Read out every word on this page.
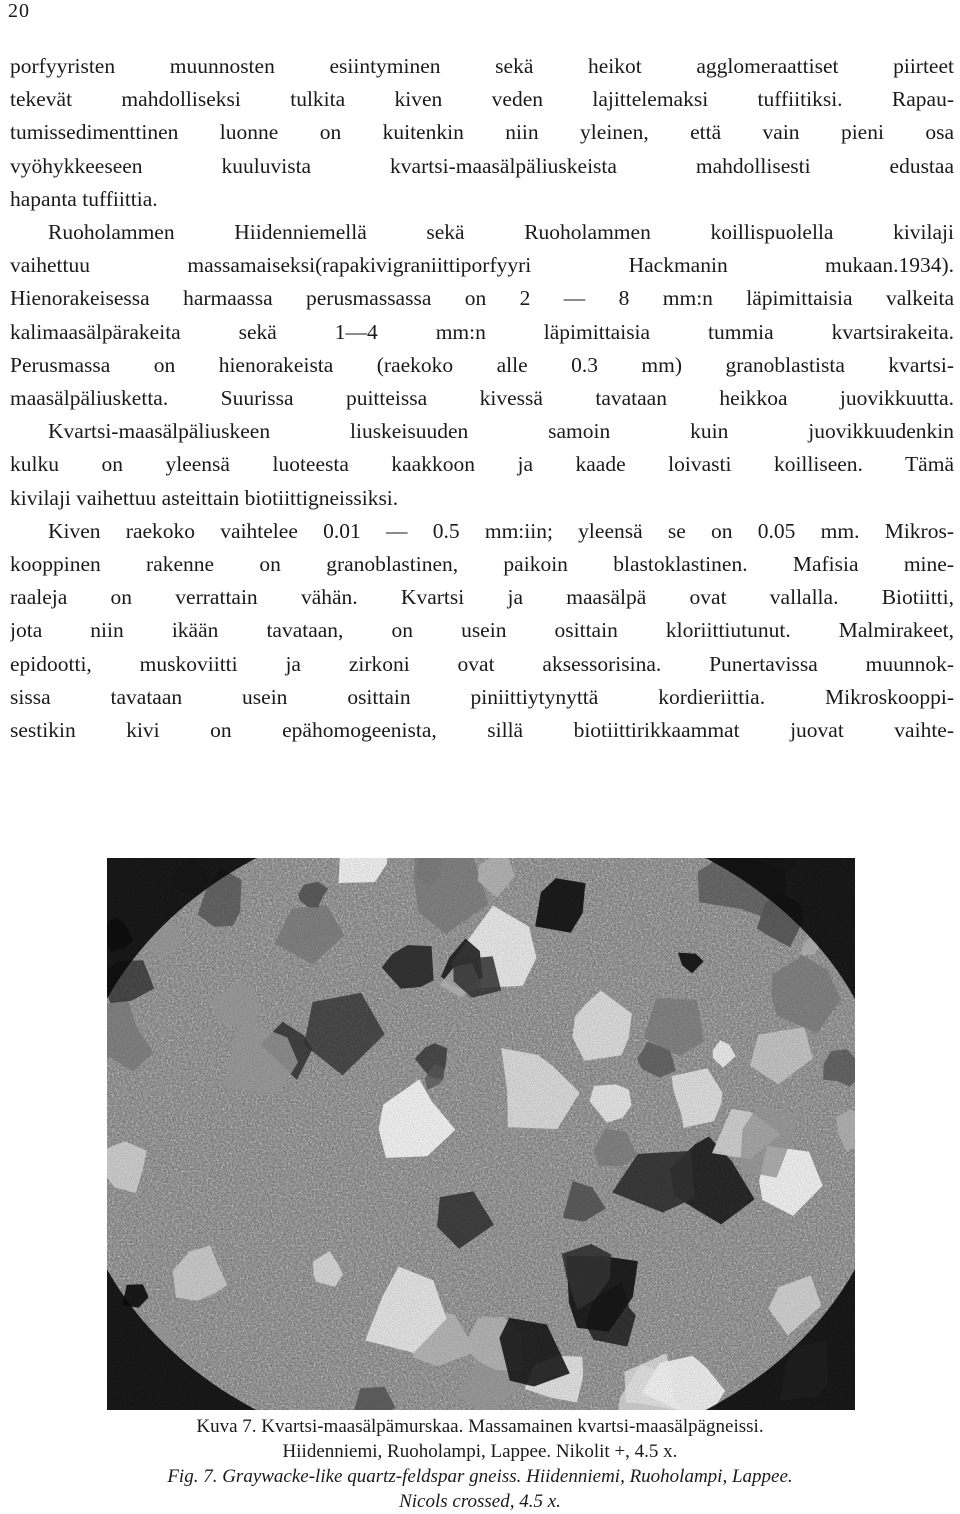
20
porfyyristen muunnosten esiintyminen sekä heikot agglomeraattiset piirteet
tekevät mahdolliseksi tulkita kiven veden lajittelemaksi tuffiitiksi. Rapau-
tumissedimenttinen luonne on kuitenkin niin yleinen, että vain pieni osa
vyöhykkeeseen kuuluvista kvartsi-maasälpäliuskeista mahdollisesti edustaa
hapanta tuffiittia.
Ruoholammen Hiidenniemellä sekä Ruoholammen koillispuolella kivilaji
vaihettuu massamaiseksi(rapakivigraniittiporfyyri Hackmanin mukaan.1934).
Hienorakeisessa harmaassa perusmassassa on 2 — 8 mm:n läpimittaisia valkeita
kalimaasälpärakeita sekä 1—4 mm:n läpimittaisia tummia kvartsirakeita.
Perusmassa on hienorakeista (raekoko alle 0.3 mm) granoblastista kvartsi-
maasälpäliusketta. Suurissa puitteissa kivessä tavataan heikkoa juovikkuutta.
Kvartsi-maasälpäliuskeen liuskeisuuden samoin kuin juovikkuudenkin
kulku on yleensä luoteesta kaakkoon ja kaade loivasti koilliseen. Tämä
kivilaji vaihettuu asteittain biotiittigneissiksi.
Kiven raekoko vaihtelee 0.01 — 0.5 mm:iin; yleensä se on 0.05 mm. Mikros-
kooppinen rakenne on granoblastinen, paikoin blastoklastinen. Mafisia mine-
raaleja on verrattain vähän. Kvartsi ja maasälpä ovat vallalla. Biotiitti,
jota niin ikään tavataan, on usein osittain kloriittiutunut. Malmirakeet,
epidootti, muskoviitti ja zirkoni ovat aksessorisina. Punertavissa muunnok-
sissa tavataan usein osittain piniittiytynyttä kordieriittia. Mikroskooppi-
sestikin kivi on epähomogeenista, sillä biotiittirikkaammat juovat vaihte-
Kuva 7. Kvartsi-maasälpämurskaa. Massamainen kvartsi-maasälpägneissi.
Hiidenniemi, Ruoholampi, Lappee. Nikolit +, 4.5 x.
Fig. 7. Graywacke-like quartz-feldspar gneiss. Hiidenniemi, Ruoholampi, Lappee.
Nicols crossed, 4.5 x.
